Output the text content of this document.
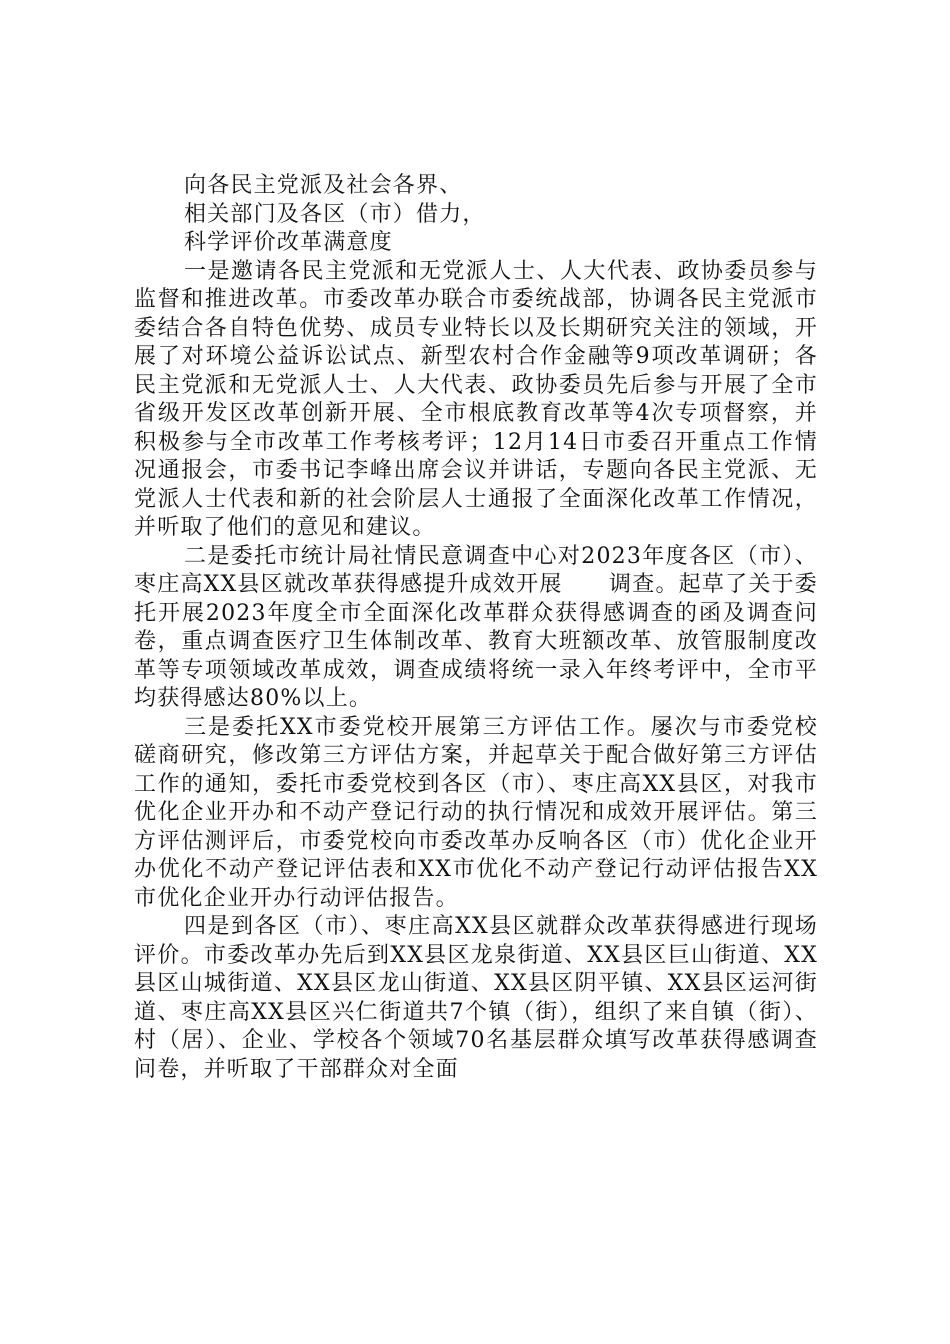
向各民主党派及社会各界、

相关部门及各区（市）借力，

科学评价改革满意度

一是邀请各民主党派和无党派人士、人大代表、政协委员参与监督和推进改革。市委改革办联合市委统战部，协调各民主党派市委结合各自特色优势、成员专业特长以及长期研究关注的领域，开展了对环境公益诉讼试点、新型农村合作金融等9项改革调研；各民主党派和无党派人士、人大代表、政协委员先后参与开展了全市省级开发区改革创新开展、全市根底教育改革等4次专项督察，并积极参与全市改革工作考核考评；12月14日市委召开重点工作情况通报会，市委书记李峰出席会议并讲话，专题向各民主党派、无党派人士代表和新的社会阶层人士通报了全面深化改革工作情况，并听取了他们的意见和建议。

二是委托市统计局社情民意调查中心对2023年度各区（市）、枣庄高XX县区就改革获得感提升成效开展　　调查。起草了关于委托开展2023年度全市全面深化改革群众获得感调查的函及调查问卷，重点调查医疗卫生体制改革、教育大班额改革、放管服制度改革等专项领域改革成效，调查成绩将统一录入年终考评中，全市平均获得感达80%以上。

三是委托XX市委党校开展第三方评估工作。屡次与市委党校磋商研究，修改第三方评估方案，并起草关于配合做好第三方评估工作的通知，委托市委党校到各区（市）、枣庄高XX县区，对我市优化企业开办和不动产登记行动的执行情况和成效开展评估。第三方评估测评后，市委党校向市委改革办反响各区（市）优化企业开办优化不动产登记评估表和XX市优化不动产登记行动评估报告XX市优化企业开办行动评估报告。

四是到各区（市）、枣庄高XX县区就群众改革获得感进行现场评价。市委改革办先后到XX县区龙泉街道、XX县区巨山街道、XX县区山城街道、XX县区龙山街道、XX县区阴平镇、XX县区运河街道、枣庄高XX县区兴仁街道共7个镇（街），组织了来自镇（街）、村（居）、企业、学校各个领域70名基层群众填写改革获得感调查问卷，并听取了干部群众对全面
